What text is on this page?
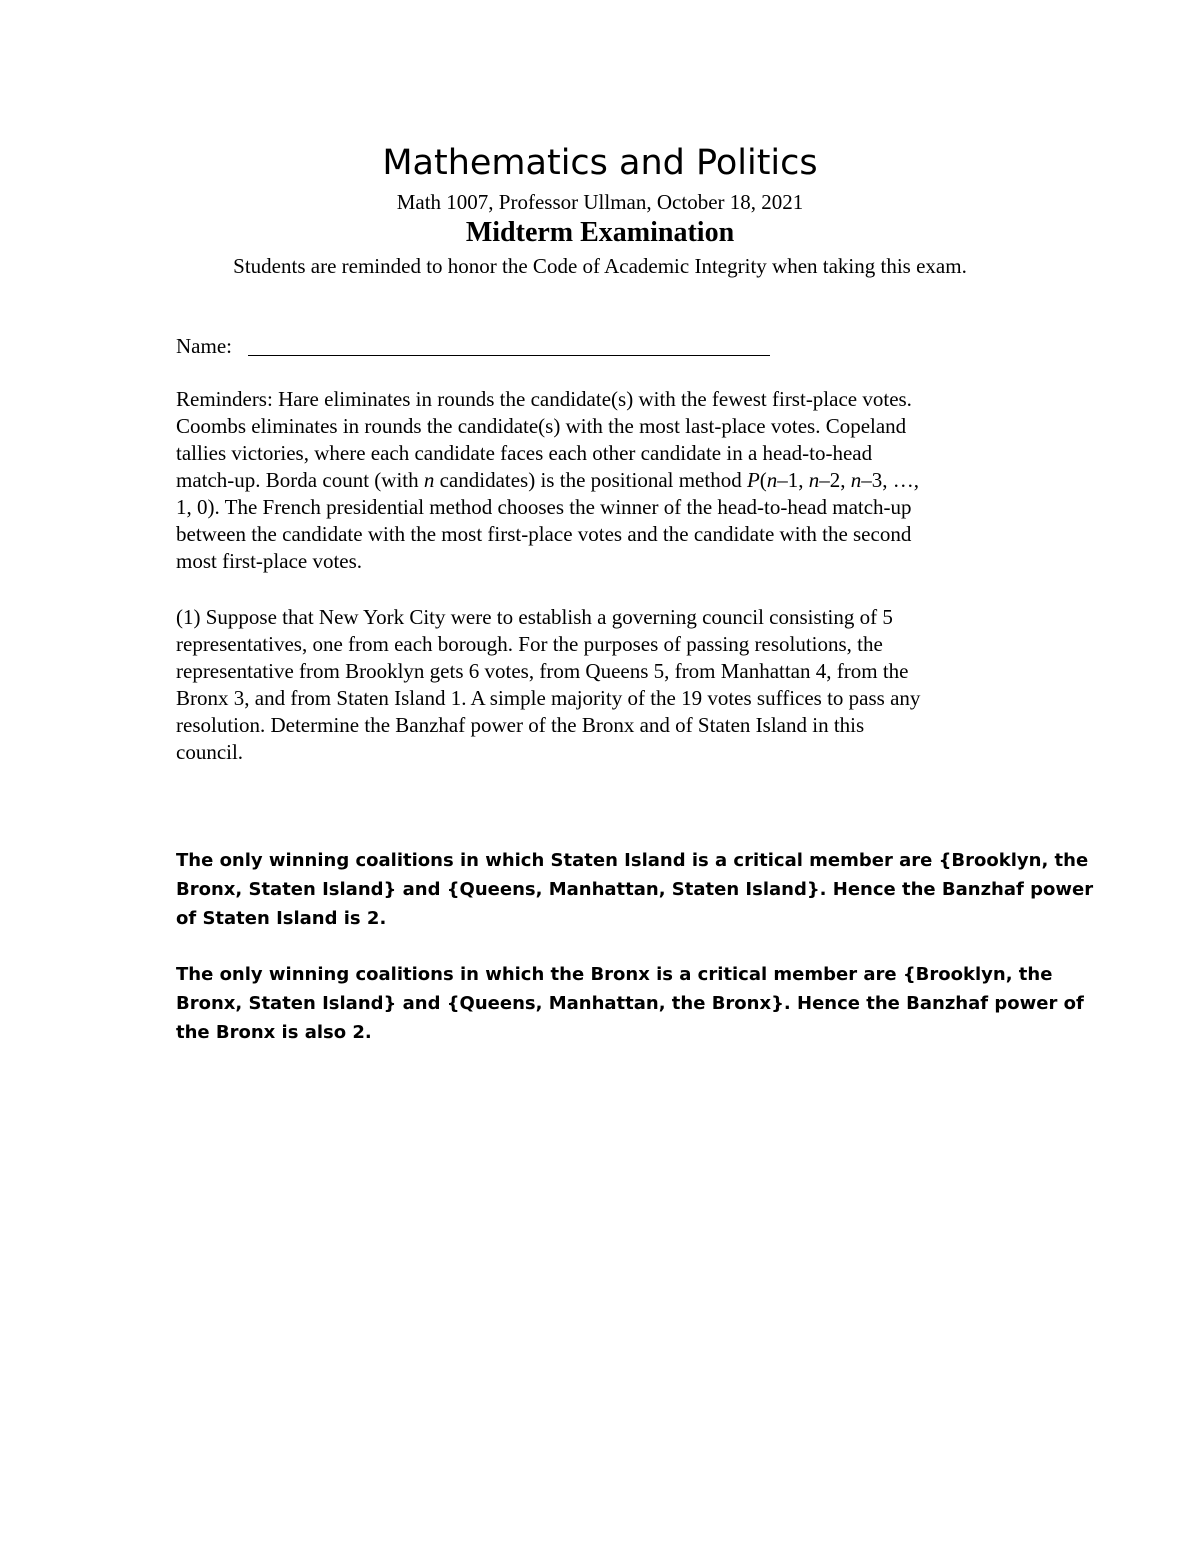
Mathematics and Politics
Math 1007, Professor Ullman, October 18, 2021
Midterm Examination
Students are reminded to honor the Code of Academic Integrity when taking this exam.
Name:
Reminders: Hare eliminates in rounds the candidate(s) with the fewest first-place votes.
Coombs eliminates in rounds the candidate(s) with the most last-place votes. Copeland
tallies victories, where each candidate faces each other candidate in a head-to-head
match-up. Borda count (with n candidates) is the positional method P(n–1, n–2, n–3, …,
1, 0). The French presidential method chooses the winner of the head-to-head match-up
between the candidate with the most first-place votes and the candidate with the second
most first-place votes.
(1) Suppose that New York City were to establish a governing council consisting of 5
representatives, one from each borough. For the purposes of passing resolutions, the
representative from Brooklyn gets 6 votes, from Queens 5, from Manhattan 4, from the
Bronx 3, and from Staten Island 1. A simple majority of the 19 votes suffices to pass any
resolution. Determine the Banzhaf power of the Bronx and of Staten Island in this
council.
The only winning coalitions in which Staten Island is a critical member are {Brooklyn, the
Bronx, Staten Island} and {Queens, Manhattan, Staten Island}. Hence the Banzhaf power
of Staten Island is 2.
The only winning coalitions in which the Bronx is a critical member are {Brooklyn, the
Bronx, Staten Island} and {Queens, Manhattan, the Bronx}. Hence the Banzhaf power of
the Bronx is also 2.
